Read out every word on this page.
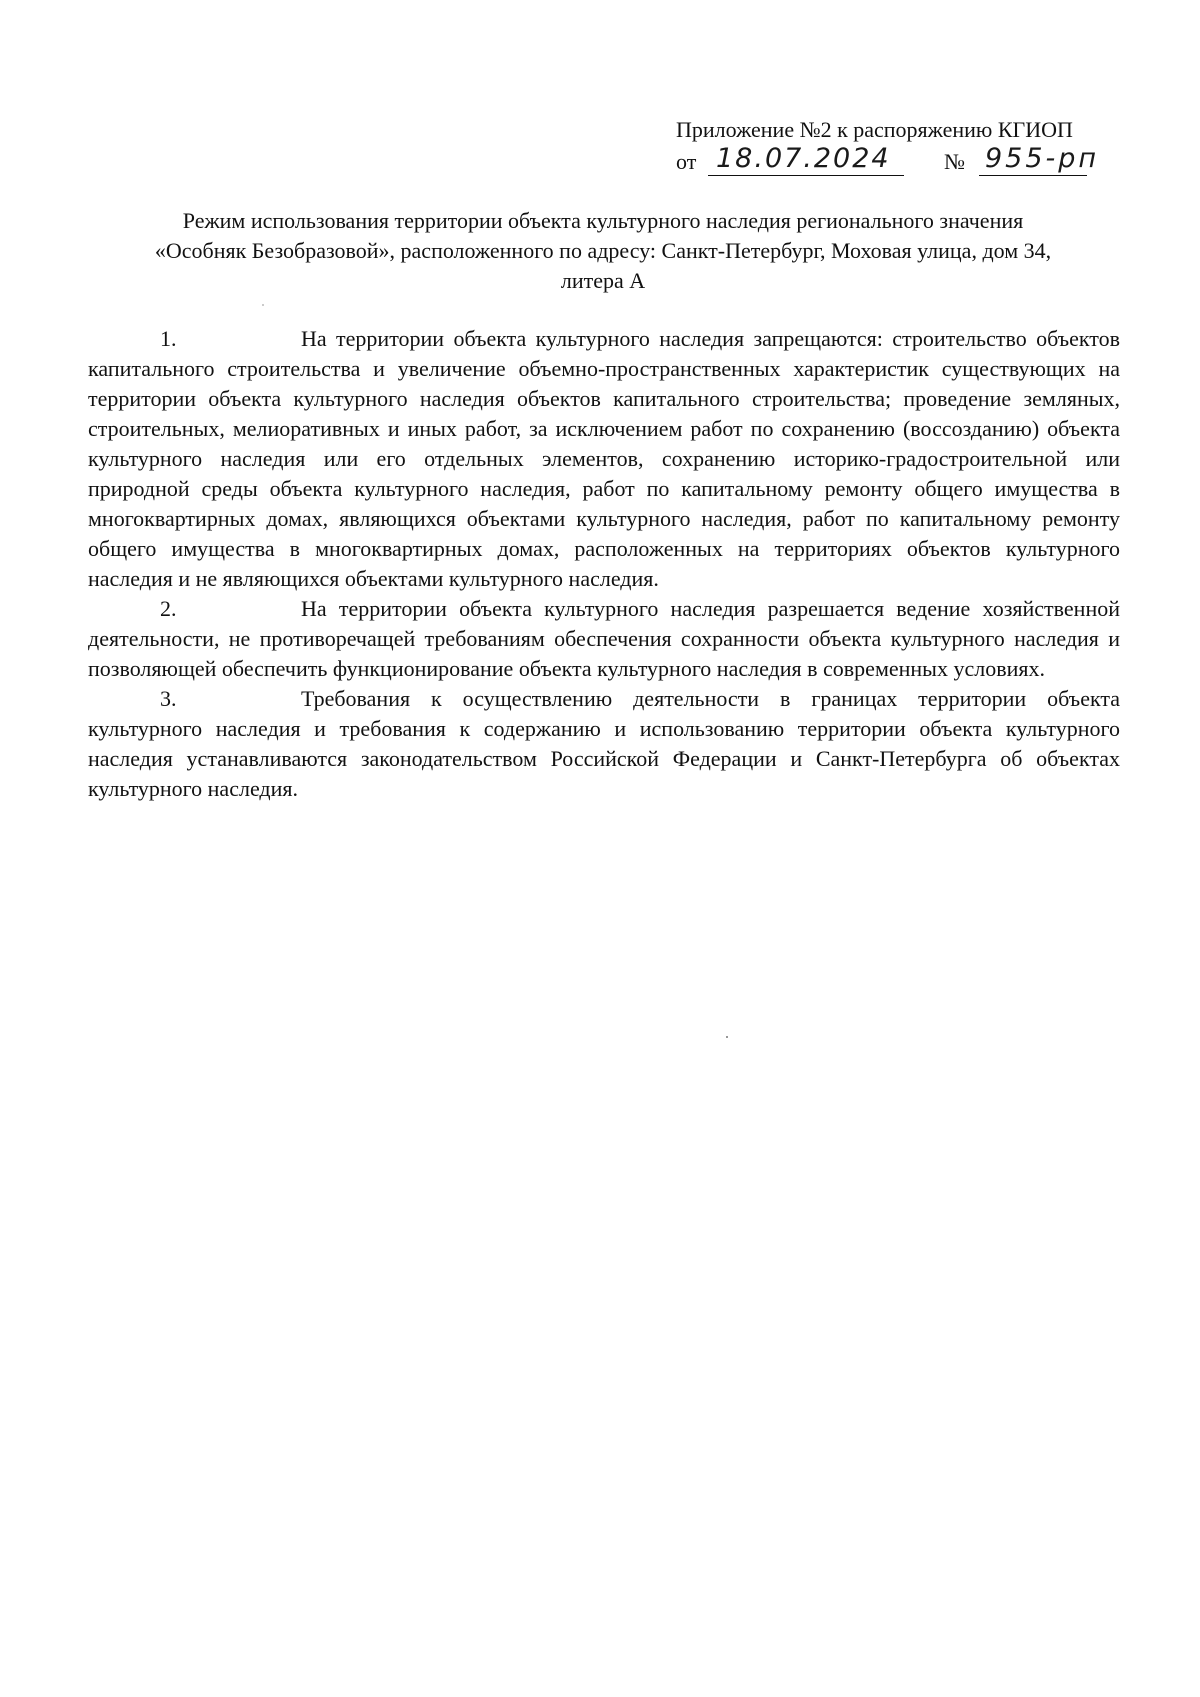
Приложение №2 к распоряжению КГИОП
от 18.07.2024 № 955-рп
Режим использования территории объекта культурного наследия регионального значения
«Особняк Безобразовой», расположенного по адресу: Санкт-Петербург, Моховая улица, дом 34,
литера А

1.	На территории объекта культурного наследия запрещаются: строительство объектов капитального строительства и увеличение объемно-пространственных характеристик существующих на территории объекта культурного наследия объектов капитального строительства; проведение земляных, строительных, мелиоративных и иных работ, за исключением работ по сохранению (воссозданию) объекта культурного наследия или его отдельных элементов, сохранению историко-градостроительной или природной среды объекта культурного наследия, работ по капитальному ремонту общего имущества в многоквартирных домах, являющихся объектами культурного наследия, работ по капитальному ремонту общего имущества в многоквартирных домах, расположенных на территориях объектов культурного наследия и не являющихся объектами культурного наследия.

2.	На территории объекта культурного наследия разрешается ведение хозяйственной деятельности, не противоречащей требованиям обеспечения сохранности объекта культурного наследия и позволяющей обеспечить функционирование объекта культурного наследия в современных условиях.

3.	Требования к осуществлению деятельности в границах территории объекта культурного наследия и требования к содержанию и использованию территории объекта культурного наследия устанавливаются законодательством Российской Федерации и Санкт-Петербурга об объектах культурного наследия.
